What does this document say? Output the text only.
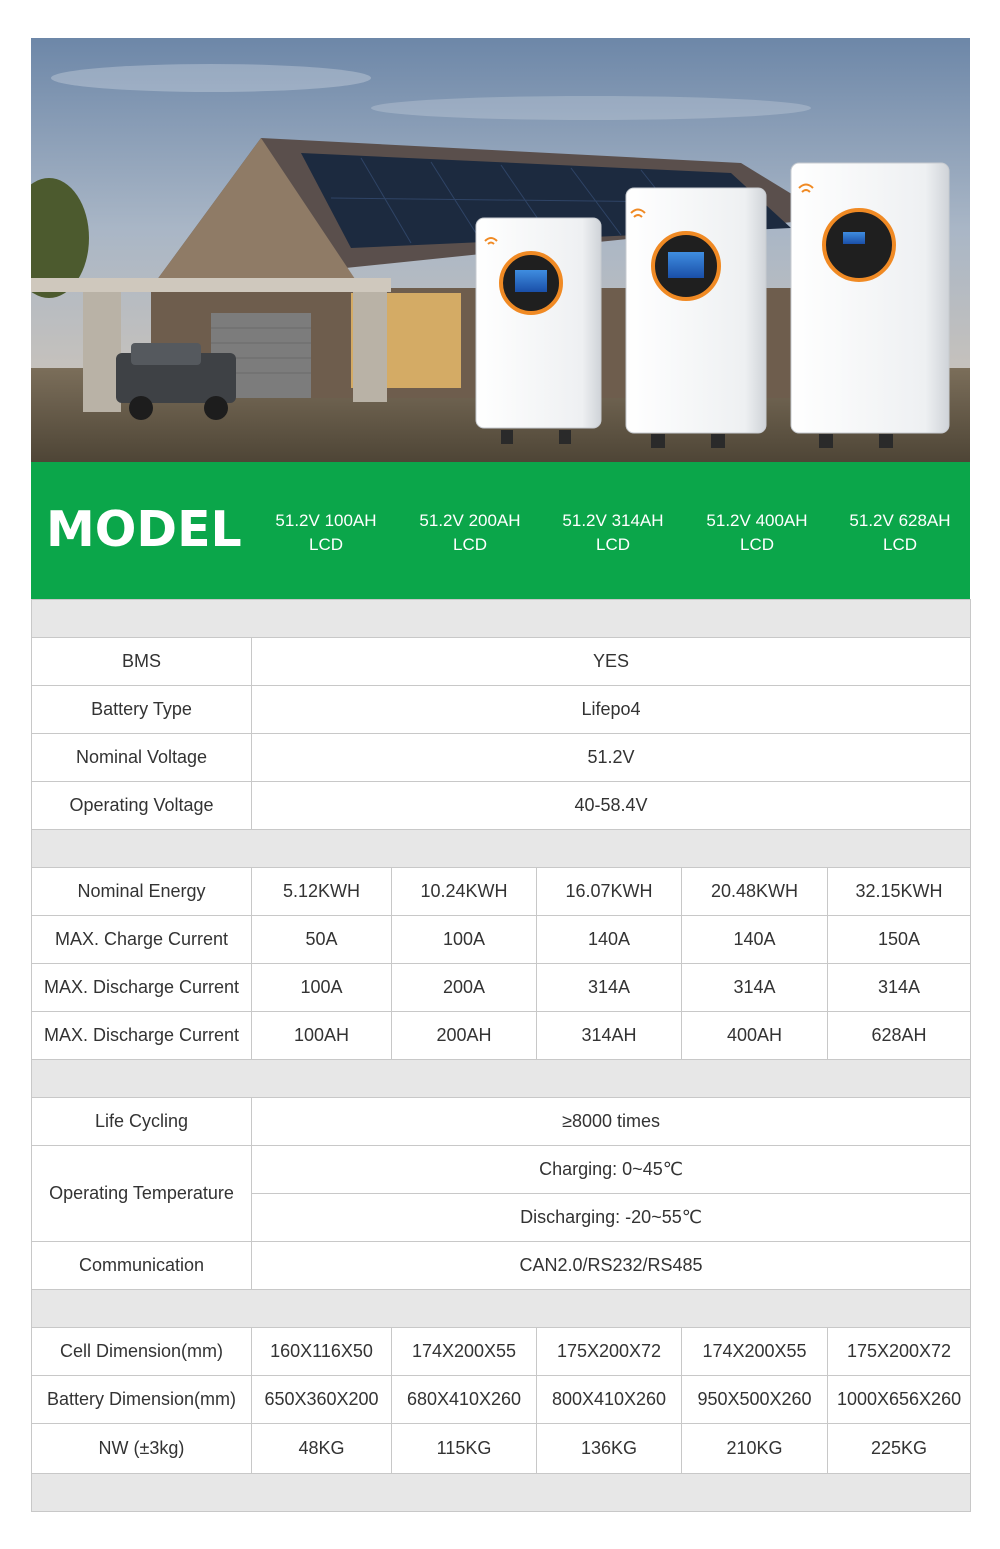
MODEL	51.2V 100AH
LCD
51.2V 200AH
LCD
51.2V 314AH
LCD
51.2V 400AH
LCD
51.2V 628AH
LCD

BMS	YES				
Battery Type	Lifepo4				
Nominal Voltage	51.2V				
Operating Voltage	40-58.4V				

Nominal Energy	5.12KWH	10.24KWH	16.07KWH	20.48KWH	32.15KWH
MAX. Charge Current	50A	100A	140A	140A	150A
MAX. Discharge Current	100A	200A	314A	314A	314A
MAX. Discharge Current	100AH	200AH	314AH	400AH	628AH

Life Cycling	≥8000 times				
Operating Temperature	Charging: 0~45℃				
	Discharging: -20~55℃				
Communication	CAN2.0/RS232/RS485				

Cell Dimension(mm)	160X116X50	174X200X55	175X200X72	174X200X55	175X200X72
Battery Dimension(mm)	650X360X200	680X410X260	800X410X260	950X500X260	1000X656X260
NW (±3kg)	48KG	115KG	136KG	210KG	225KG
